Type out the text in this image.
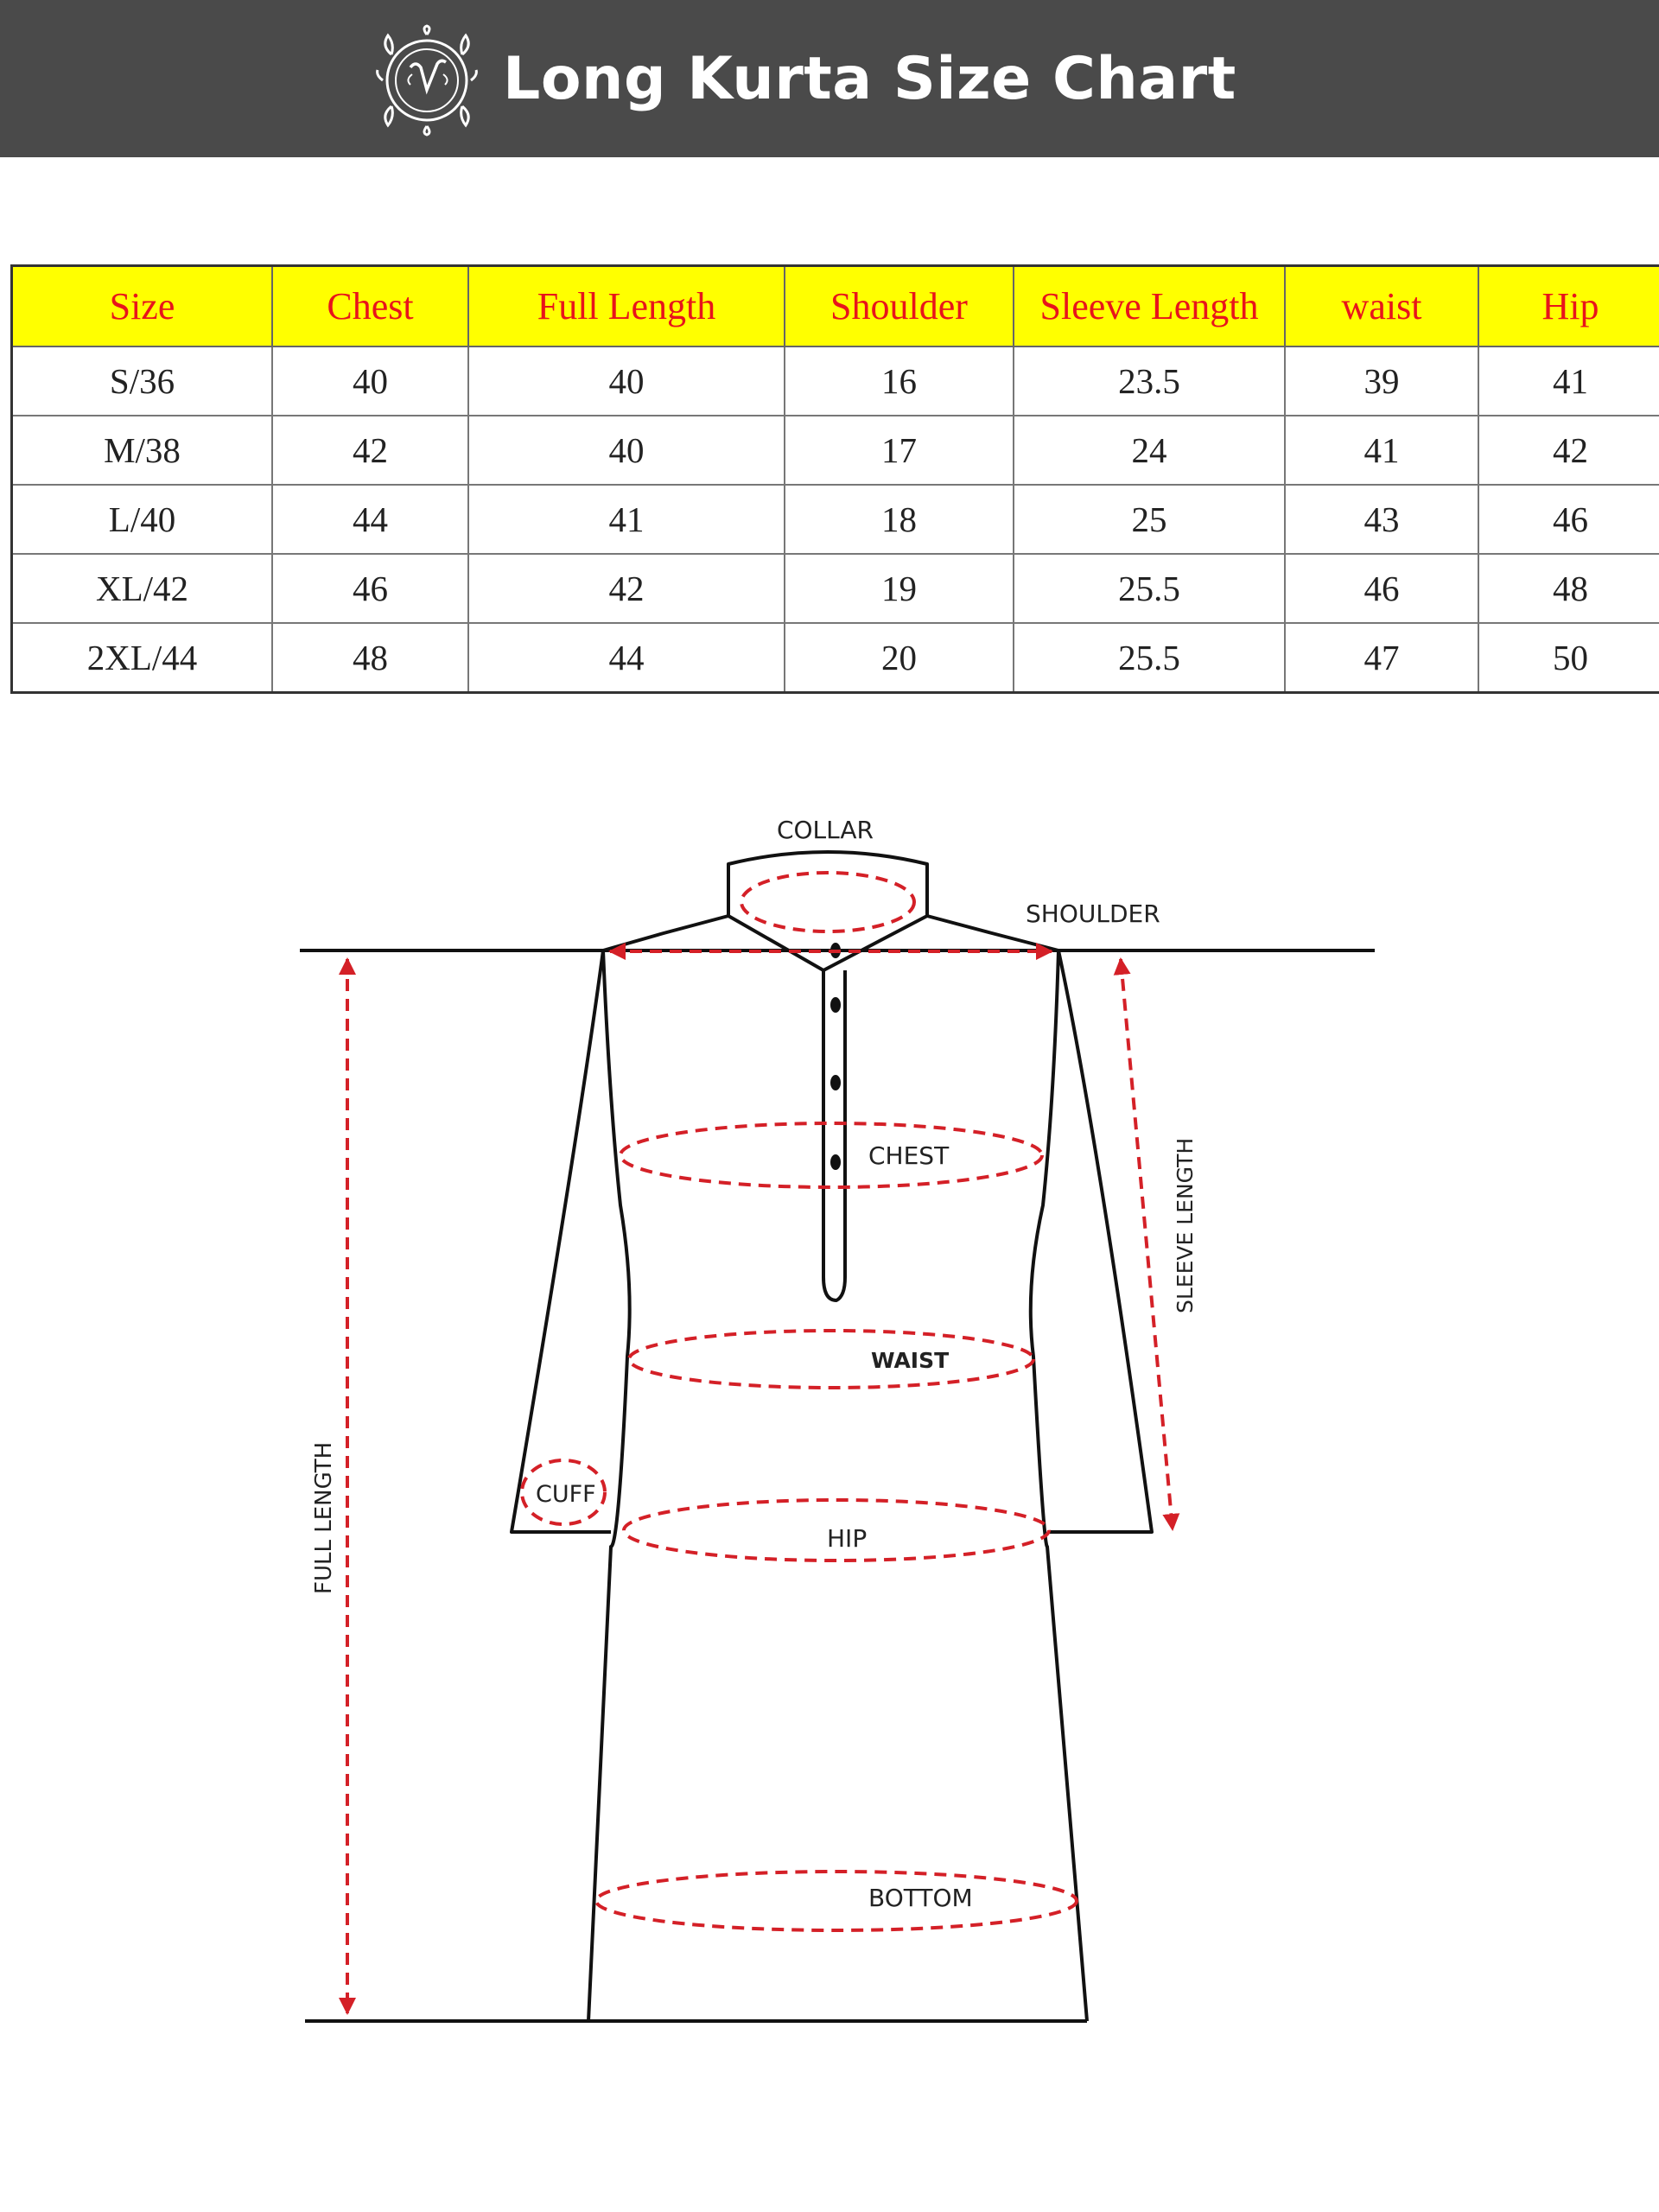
Long Kurta Size Chart
Size	Chest	Full Length	Shoulder	Sleeve Length	waist	Hip
S/36	40	40	16	23.5	39	41
M/38	42	40	17	24	41	42
L/40	44	41	18	25	43	46
XL/42	46	42	19	25.5	46	48
2XL/44	48	44	20	25.5	47	50
COLLAR
SHOULDER
CHEST	SLEEVE LENGTH
WAIST
CUFF
HIP
FULL LENGTH
BOTTOM
